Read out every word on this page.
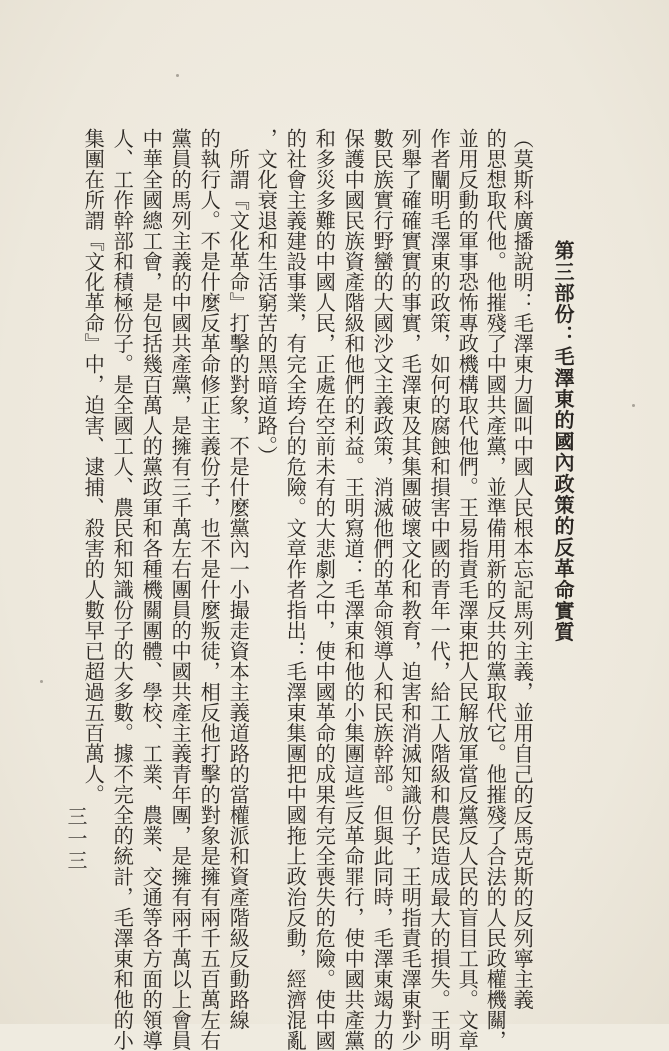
第三部份：毛澤東的國內政策的反革命實質
（莫斯科廣播說明：毛澤東力圖叫中國人民根本忘記馬列主義，並用自己的反馬克斯的反列寧主義
的思想取代他。他摧殘了中國共產黨，並準備用新的反共的黨取代它。他摧殘了合法的人民政權機關，
並用反動的軍事恐怖專政機構取代他們。王易指責毛澤東把人民解放軍當反黨反人民的盲目工具。文章
作者闡明毛澤東的政策，如何的腐蝕和損害中國的青年一代，給工人階級和農民造成最大的損失。王明
列舉了確確實實的事實，毛澤東及其集團破壞文化和教育，迫害和消滅知識份子，王明指責毛澤東對少
數民族實行野蠻的大國沙文主義政策，消滅他們的革命領導人和民族幹部。但與此同時，毛澤東竭力的
保護中國民族資產階級和他們的利益。王明寫道：毛澤東和他的小集團這些反革命罪行，使中國共產黨
和多災多難的中國人民，正處在空前未有的大悲劇之中，使中國革命的成果有完全喪失的危險。使中國
的社會主義建設事業，有完全垮台的危險。文章作者指出：毛澤東集團把中國拖上政治反動，經濟混亂
，文化衰退和生活窮苦的黑暗道路。）
　所謂『文化革命』打擊的對象，不是什麼黨內一小撮走資本主義道路的當權派和資產階級反動路線
的執行人。不是什麼反革命修正主義份子，也不是什麼叛徒，相反他打擊的對象是擁有兩千五百萬左右
黨員的馬列主義的中國共產黨，是擁有三千萬左右團員的中國共產主義青年團，是擁有兩千萬以上會員
中華全國總工會，是包括幾百萬人的黨政軍和各種機關團體、學校、工業、農業、交通等各方面的領導
人、工作幹部和積極份子。是全國工人、農民和知識份子的大多數。據不完全的統計，毛澤東和他的小
集團在所謂『文化革命』中，迫害、逮捕、殺害的人數早已超過五百萬人。
三一三
